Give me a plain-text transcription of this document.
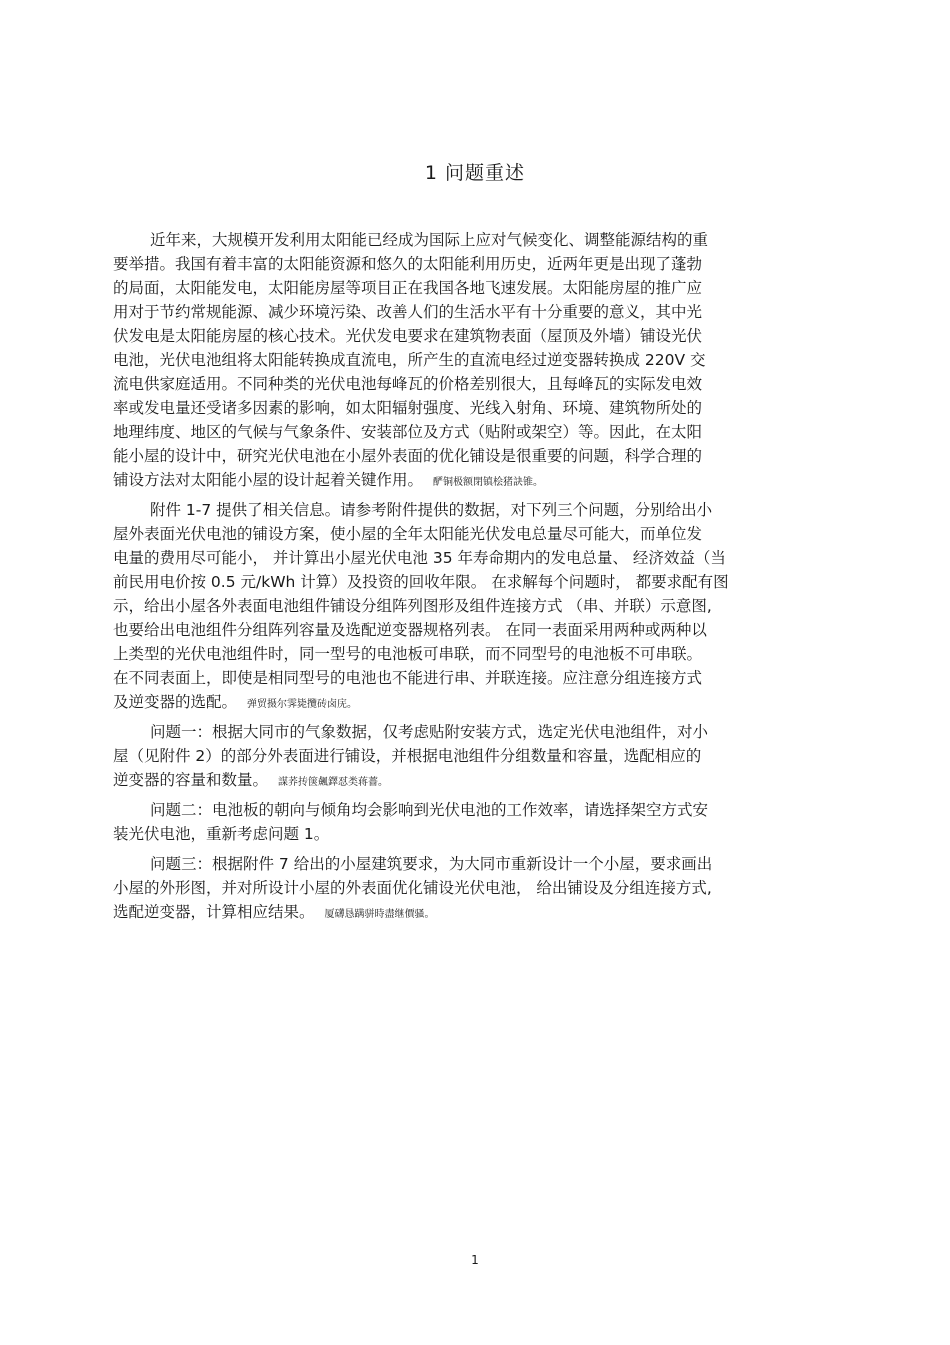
1 问题重述
近年来，大规模开发利用太阳能已经成为国际上应对气候变化、调整能源结构的重
要举措。我国有着丰富的太阳能资源和悠久的太阳能利用历史，近两年更是出现了蓬勃
的局面，太阳能发电，太阳能房屋等项目正在我国各地飞速发展。太阳能房屋的推广应
用对于节约常规能源、减少环境污染、改善人们的生活水平有十分重要的意义，其中光
伏发电是太阳能房屋的核心技术。光伏发电要求在建筑物表面（屋顶及外墙）铺设光伏
电池，光伏电池组将太阳能转换成直流电，所产生的直流电经过逆变器转换成 220V 交
流电供家庭适用。不同种类的光伏电池每峰瓦的价格差别很大，且每峰瓦的实际发电效
率或发电量还受诸多因素的影响，如太阳辐射强度、光线入射角、环境、建筑物所处的
地理纬度、地区的气候与气象条件、安装部位及方式（贴附或架空）等。因此，在太阳
能小屋的设计中，研究光伏电池在小屋外表面的优化铺设是很重要的问题，科学合理的
铺设方法对太阳能小屋的设计起着关键作用。 酽铜极额閉镇桧猪訣锥。
附件 1-7 提供了相关信息。请参考附件提供的数据，对下列三个问题，分别给出小
屋外表面光伏电池的铺设方案，使小屋的全年太阳能光伏发电总量尽可能大，而单位发
电量的费用尽可能小， 并计算出小屋光伏电池 35 年寿命期内的发电总量、 经济效益（当
前民用电价按 0.5 元/kWh 计算）及投资的回收年限。 在求解每个问题时， 都要求配有图
示，给出小屋各外表面电池组件铺设分组阵列图形及组件连接方式 （串、并联）示意图,
也要给出电池组件分组阵列容量及选配逆变器规格列表。 在同一表面采用两种或两种以
上类型的光伏电池组件时，同一型号的电池板可串联，而不同型号的电池板不可串联。
在不同表面上，即使是相同型号的电池也不能进行串、并联连接。应注意分组连接方式
及逆变器的选配。 弹贸摄尔霁毙攬砖卤庑。
问题一：根据大同市的气象数据，仅考虑贴附安装方式，选定光伏电池组件，对小
屋（见附件 2）的部分外表面进行铺设，并根据电池组件分组数量和容量，选配相应的
逆变器的容量和数量。 謀荞抟箧飆鐸怼类蒋薔。
问题二：电池板的朝向与倾角均会影响到光伏电池的工作效率，请选择架空方式安
装光伏电池，重新考虑问题 1。
问题三：根据附件 7 给出的小屋建筑要求，为大同市重新设计一个小屋，要求画出
小屋的外形图，并对所设计小屋的外表面优化铺设光伏电池， 给出铺设及分组连接方式,
选配逆变器，计算相应结果。 厦礴恳蹒骈時盡继價骚。
1
